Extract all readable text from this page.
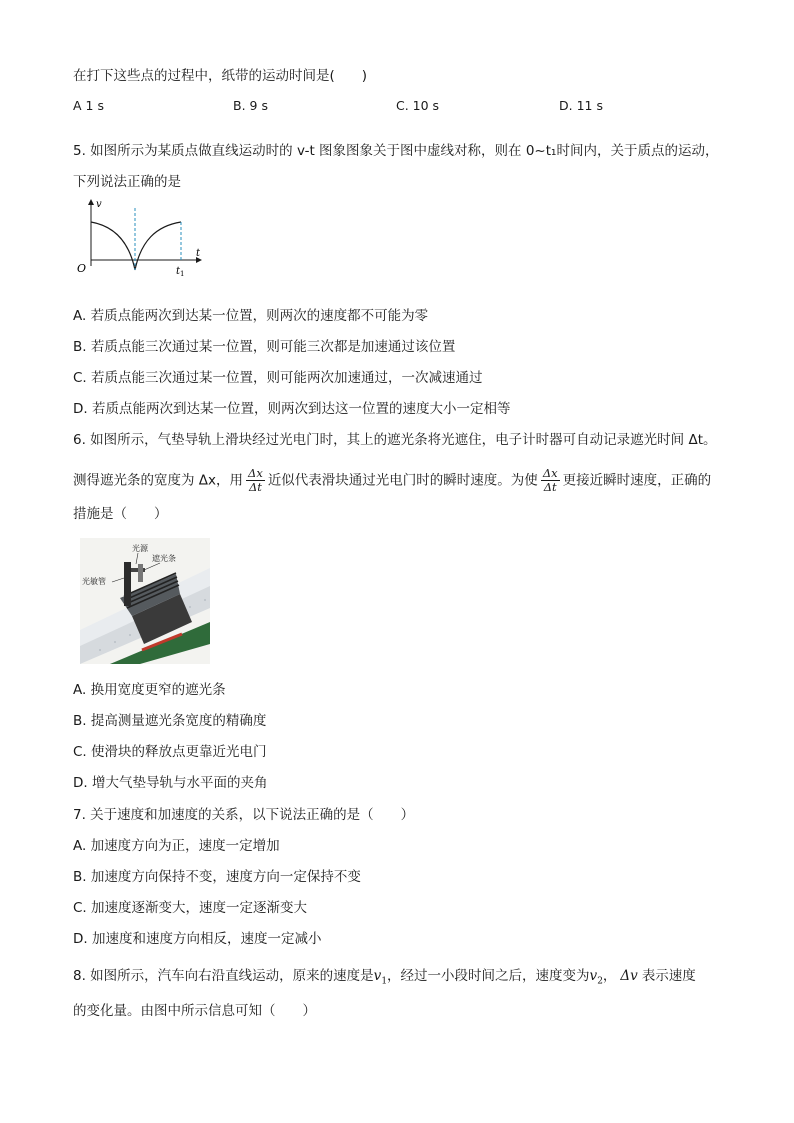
在打下这些点的过程中，纸带的运动时间是(　　)
A 1 s	B. 9 s	C. 10 s	D. 11 s
5. 如图所示为某质点做直线运动时的 v-t 图象图象关于图中虚线对称，则在 0~t₁时间内，关于质点的运动，
下列说法正确的是
v
t
O	$t_1$
A. 若质点能两次到达某一位置，则两次的速度都不可能为零
B. 若质点能三次通过某一位置，则可能三次都是加速通过该位置
C. 若质点能三次通过某一位置，则可能两次加速通过，一次减速通过
D. 若质点能两次到达某一位置，则两次到达这一位置的速度大小一定相等
6. 如图所示，气垫导轨上滑块经过光电门时，其上的遮光条将光遮住，电子计时器可自动记录遮光时间 Δt。
测得遮光条的宽度为 Δx，用 $\frac{\Delta x}{\Delta t}$ 近似代表滑块通过光电门时的瞬时速度。为使 $\frac{\Delta x}{\Delta t}$ 更接近瞬时速度，正确的
措施是（　　）
光源
遮光条
光敏管
A. 换用宽度更窄的遮光条
B. 提高测量遮光条宽度的精确度
C. 使滑块的释放点更靠近光电门
D. 增大气垫导轨与水平面的夹角
7. 关于速度和加速度的关系，以下说法正确的是（　　）
A. 加速度方向为正，速度一定增加
B. 加速度方向保持不变，速度方向一定保持不变
C. 加速度逐渐变大，速度一定逐渐变大
D. 加速度和速度方向相反，速度一定减小
8. 如图所示，汽车向右沿直线运动，原来的速度是$v_1$，经过一小段时间之后，速度变为$v_2$， Δv 表示速度
的变化量。由图中所示信息可知（　　）
